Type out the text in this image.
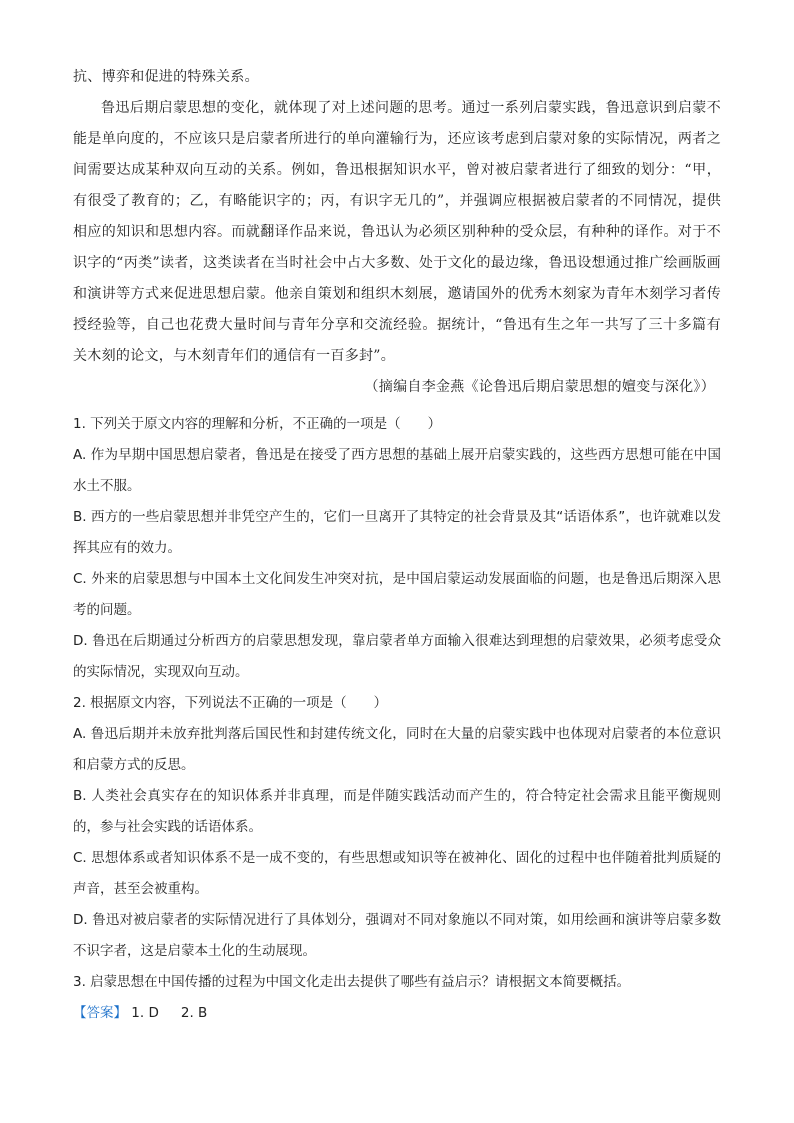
抗、博弈和促进的特殊关系。

鲁迅后期启蒙思想的变化，就体现了对上述问题的思考。通过一系列启蒙实践，鲁迅意识到启蒙不能是单向度的，不应该只是启蒙者所进行的单向灌输行为，还应该考虑到启蒙对象的实际情况，两者之间需要达成某种双向互动的关系。例如，鲁迅根据知识水平，曾对被启蒙者进行了细致的划分：“甲，有很受了教育的；乙，有略能识字的；丙，有识字无几的”，并强调应根据被启蒙者的不同情况，提供相应的知识和思想内容。而就翻译作品来说，鲁迅认为必须区别种种的受众层，有种种的译作。对于不识字的“丙类”读者，这类读者在当时社会中占大多数、处于文化的最边缘，鲁迅设想通过推广绘画版画和演讲等方式来促进思想启蒙。他亲自策划和组织木刻展，邀请国外的优秀木刻家为青年木刻学习者传授经验等，自己也花费大量时间与青年分享和交流经验。据统计，“鲁迅有生之年一共写了三十多篇有关木刻的论文，与木刻青年们的通信有一百多封”。

（摘编自李金燕《论鲁迅后期启蒙思想的嬗变与深化》）

1. 下列关于原文内容的理解和分析，不正确的一项是（　　）

A. 作为早期中国思想启蒙者，鲁迅是在接受了西方思想的基础上展开启蒙实践的，这些西方思想可能在中国水土不服。

B. 西方的一些启蒙思想并非凭空产生的，它们一旦离开了其特定的社会背景及其“话语体系”，也许就难以发挥其应有的效力。

C. 外来的启蒙思想与中国本土文化间发生冲突对抗，是中国启蒙运动发展面临的问题，也是鲁迅后期深入思考的问题。

D. 鲁迅在后期通过分析西方的启蒙思想发现，靠启蒙者单方面输入很难达到理想的启蒙效果，必须考虑受众的实际情况，实现双向互动。

2. 根据原文内容，下列说法不正确的一项是（　　）

A. 鲁迅后期并未放弃批判落后国民性和封建传统文化，同时在大量的启蒙实践中也体现对启蒙者的本位意识和启蒙方式的反思。

B. 人类社会真实存在的知识体系并非真理，而是伴随实践活动而产生的，符合特定社会需求且能平衡规则的，参与社会实践的话语体系。

C. 思想体系或者知识体系不是一成不变的，有些思想或知识等在被神化、固化的过程中也伴随着批判质疑的声音，甚至会被重构。

D. 鲁迅对被启蒙者的实际情况进行了具体划分，强调对不同对象施以不同对策，如用绘画和演讲等启蒙多数不识字者，这是启蒙本土化的生动展现。

3. 启蒙思想在中国传播的过程为中国文化走出去提供了哪些有益启示？请根据文本简要概括。

【答案】 1. D 2. B
